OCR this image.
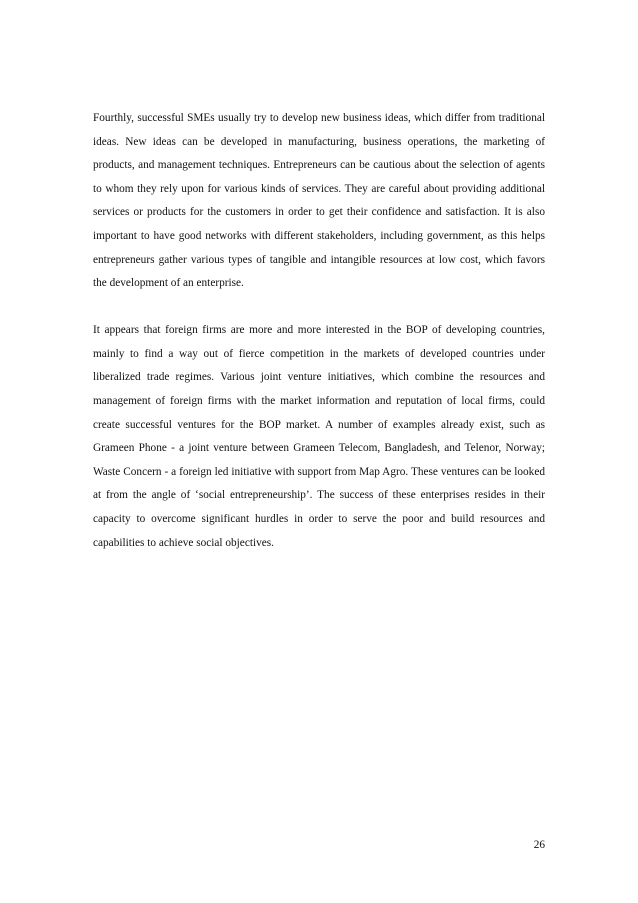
Fourthly, successful SMEs usually try to develop new business ideas, which differ from traditional ideas. New ideas can be developed in manufacturing, business operations, the marketing of products, and management techniques. Entrepreneurs can be cautious about the selection of agents to whom they rely upon for various kinds of services. They are careful about providing additional services or products for the customers in order to get their confidence and satisfaction. It is also important to have good networks with different stakeholders, including government, as this helps entrepreneurs gather various types of tangible and intangible resources at low cost, which favors the development of an enterprise.

It appears that foreign firms are more and more interested in the BOP of developing countries, mainly to find a way out of fierce competition in the markets of developed countries under liberalized trade regimes. Various joint venture initiatives, which combine the resources and management of foreign firms with the market information and reputation of local firms, could create successful ventures for the BOP market. A number of examples already exist, such as Grameen Phone - a joint venture between Grameen Telecom, Bangladesh, and Telenor, Norway; Waste Concern - a foreign led initiative with support from Map Agro. These ventures can be looked at from the angle of ‘social entrepreneurship’. The success of these enterprises resides in their capacity to overcome significant hurdles in order to serve the poor and build resources and capabilities to achieve social objectives.

26
